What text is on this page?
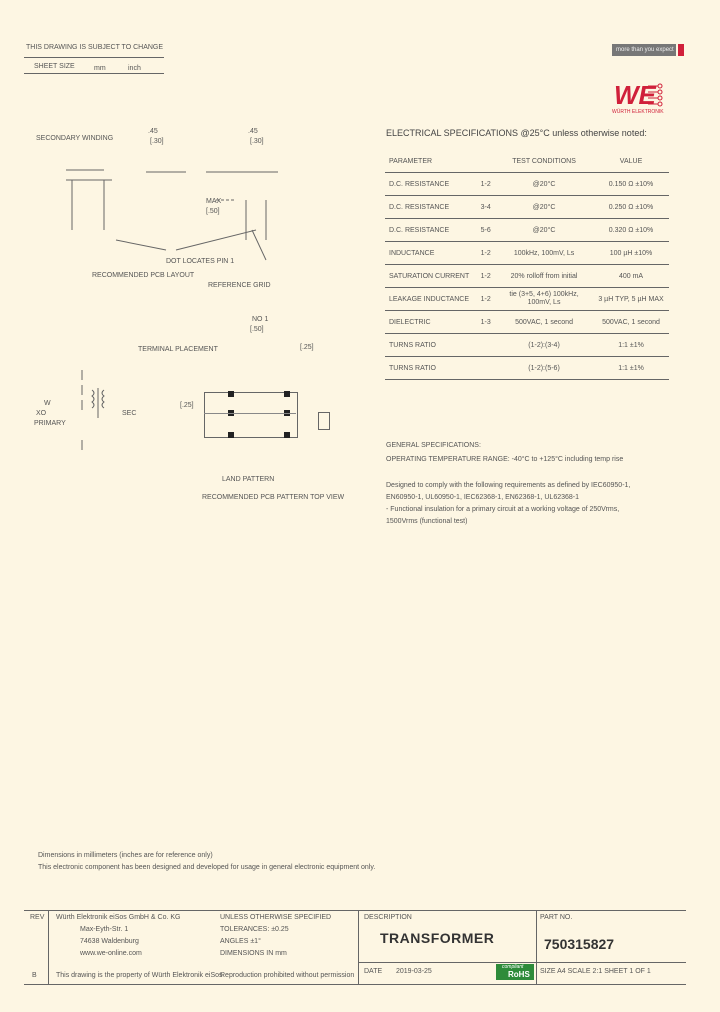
THIS DRAWING IS SUBJECT TO CHANGE
SHEET SIZE	mm	inch
more than you expect
WE
WÜRTH ELEKTRONIK
SECONDARY WINDING
.45
[.30]
.45
[.30]
MAX
[.50]
DOT LOCATES PIN 1
RECOMMENDED PCB LAYOUT
REFERENCE GRID
NO 1
[.50]
TERMINAL PLACEMENT	[.25]
[.25]
W
XO
PRIMARY
SEC
LAND PATTERN
RECOMMENDED PCB PATTERN TOP VIEW
ELECTRICAL SPECIFICATIONS @25°C unless otherwise noted:
PARAMETER		TEST CONDITIONS	VALUE
D.C. RESISTANCE	1-2	@20°C	0.150 Ω ±10%
D.C. RESISTANCE	3-4	@20°C	0.250 Ω ±10%
D.C. RESISTANCE	5-6	@20°C	0.320 Ω ±10%
INDUCTANCE	1-2	100kHz, 100mV, Ls	100 µH ±10%
SATURATION CURRENT	1-2	20% rolloff from initial	400 mA
LEAKAGE INDUCTANCE	1-2	tie (3+5, 4+6) 100kHz, 100mV, Ls	3 µH TYP, 5 µH MAX
DIELECTRIC	1-3	500VAC, 1 second	500VAC, 1 second
TURNS RATIO		(1-2):(3-4)	1:1 ±1%
TURNS RATIO		(1-2):(5-6)	1:1 ±1%
GENERAL SPECIFICATIONS:
OPERATING TEMPERATURE RANGE: -40°C to +125°C including temp rise
Designed to comply with the following requirements as defined by IEC60950-1,
EN60950-1, UL60950-1, IEC62368-1, EN62368-1, UL62368-1
- Functional insulation for a primary circuit at a working voltage of 250Vrms,
1500Vrms (functional test)
Dimensions in millimeters (inches are for reference only)
This electronic component has been designed and developed for usage in general electronic equipment only.
REV
B
Würth Elektronik eiSos GmbH & Co. KG
Max-Eyth-Str. 1
74638 Waldenburg
www.we-online.com
UNLESS OTHERWISE SPECIFIED
TOLERANCES: ±0.25
ANGLES ±1°
DIMENSIONS IN mm
DESCRIPTION
TRANSFORMER
PART NO.
750315827
DATE 2019-03-25
compliant
RoHS	SIZE A4 SCALE 2:1 SHEET 1 OF 1
This drawing is the property of Würth Elektronik eiSos
Reproduction prohibited without permission
